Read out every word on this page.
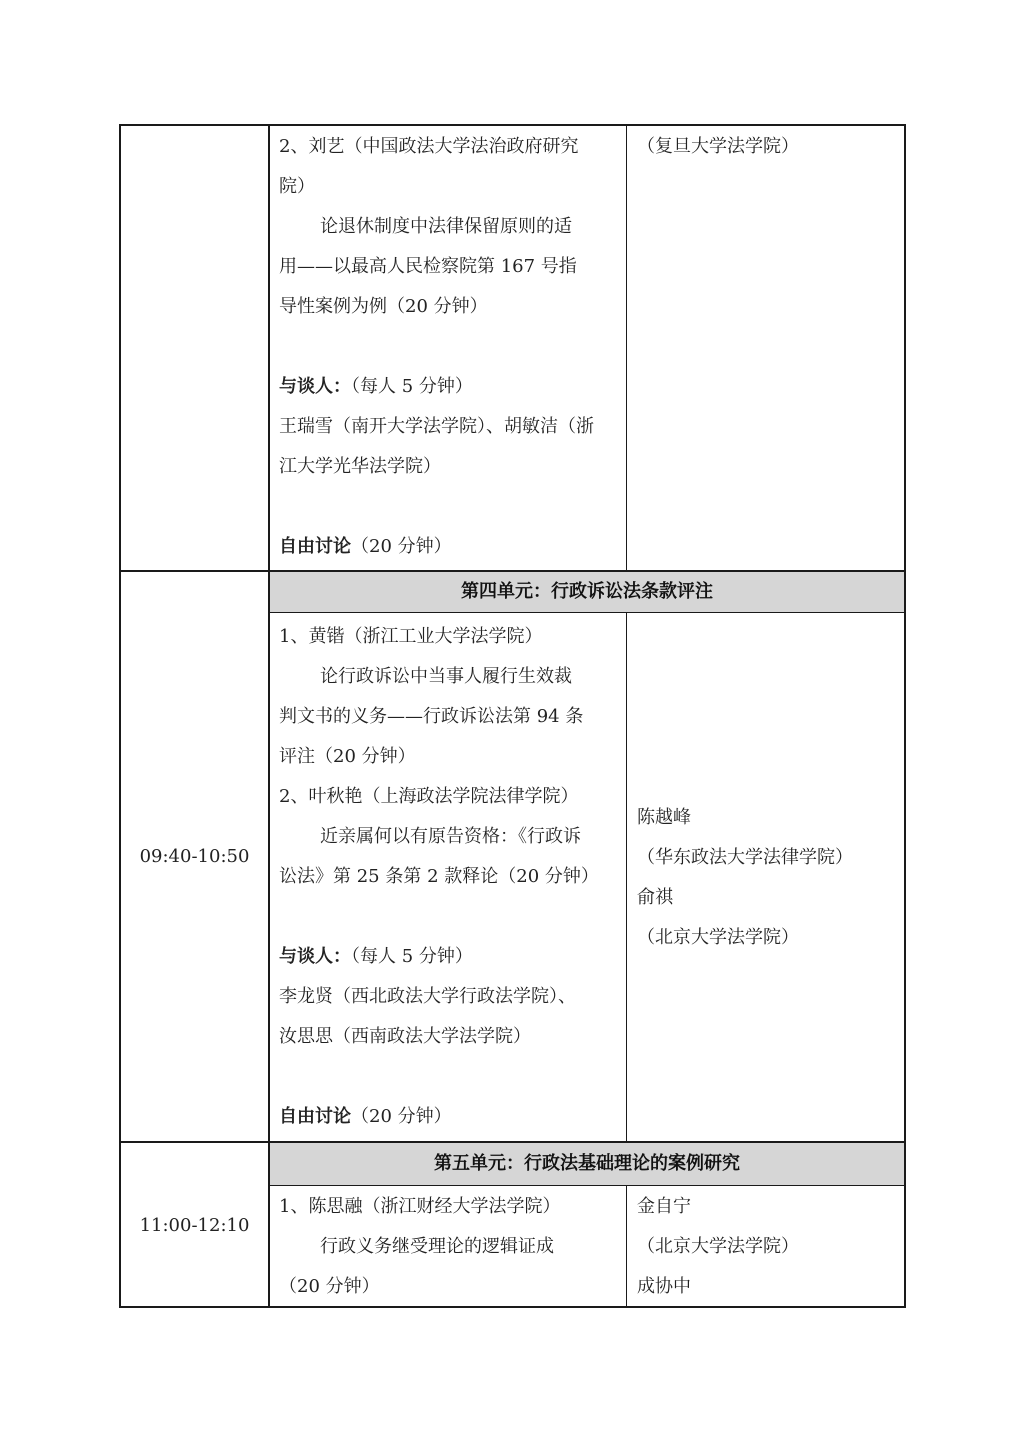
2、刘艺（中国政法大学法治政府研究

院）

论退休制度中法律保留原则的适

用——以最高人民检察院第 167 号指

导性案例为例（20 分钟）

与谈人：（每人 5 分钟）

王瑞雪（南开大学法学院）、胡敏洁（浙

江大学光华法学院）

自由讨论（20 分钟）

（复旦大学法学院）

第四单元：行政诉讼法条款评注
09:40-10:50

1、黄锴（浙江工业大学法学院）

论行政诉讼中当事人履行生效裁

判文书的义务——行政诉讼法第 94 条

评注（20 分钟）

2、叶秋艳（上海政法学院法律学院）

近亲属何以有原告资格：《行政诉

讼法》第 25 条第 2 款释论（20 分钟）

与谈人：（每人 5 分钟）

李龙贤（西北政法大学行政法学院）、

汝思思（西南政法大学法学院）

自由讨论（20 分钟）

陈越峰

（华东政法大学法律学院）

俞祺

（北京大学法学院）

第五单元：行政法基础理论的案例研究
11:00-12:10

1、陈思融（浙江财经大学法学院）

行政义务继受理论的逻辑证成

（20 分钟）

金自宁

（北京大学法学院）

成协中
